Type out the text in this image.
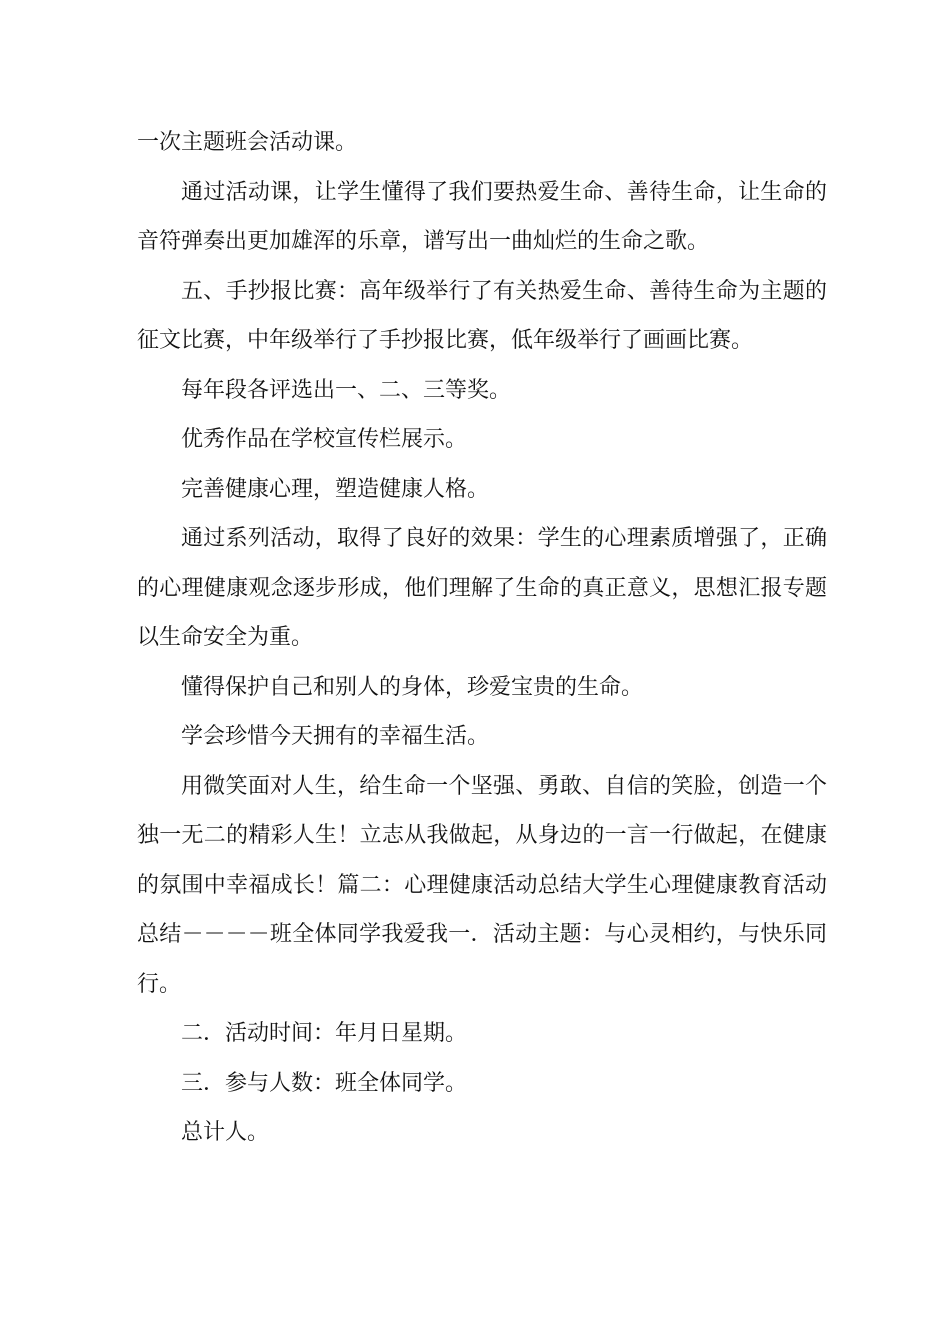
一次主题班会活动课。

通过活动课，让学生懂得了我们要热爱生命、善待生命，让生命的音符弹奏出更加雄浑的乐章，谱写出一曲灿烂的生命之歌。

五、手抄报比赛：高年级举行了有关热爱生命、善待生命为主题的征文比赛，中年级举行了手抄报比赛，低年级举行了画画比赛。

每年段各评选出一、二、三等奖。

优秀作品在学校宣传栏展示。

完善健康心理，塑造健康人格。

通过系列活动，取得了良好的效果：学生的心理素质增强了，正确的心理健康观念逐步形成，他们理解了生命的真正意义，思想汇报专题以生命安全为重。

懂得保护自己和别人的身体，珍爱宝贵的生命。

学会珍惜今天拥有的幸福生活。

用微笑面对人生，给生命一个坚强、勇敢、自信的笑脸，创造一个独一无二的精彩人生！立志从我做起，从身边的一言一行做起，在健康的氛围中幸福成长！篇二：心理健康活动总结大学生心理健康教育活动总结－－－－班全体同学我爱我一．活动主题：与心灵相约，与快乐同行。

二．活动时间：年月日星期。

三．参与人数：班全体同学。

总计人。
